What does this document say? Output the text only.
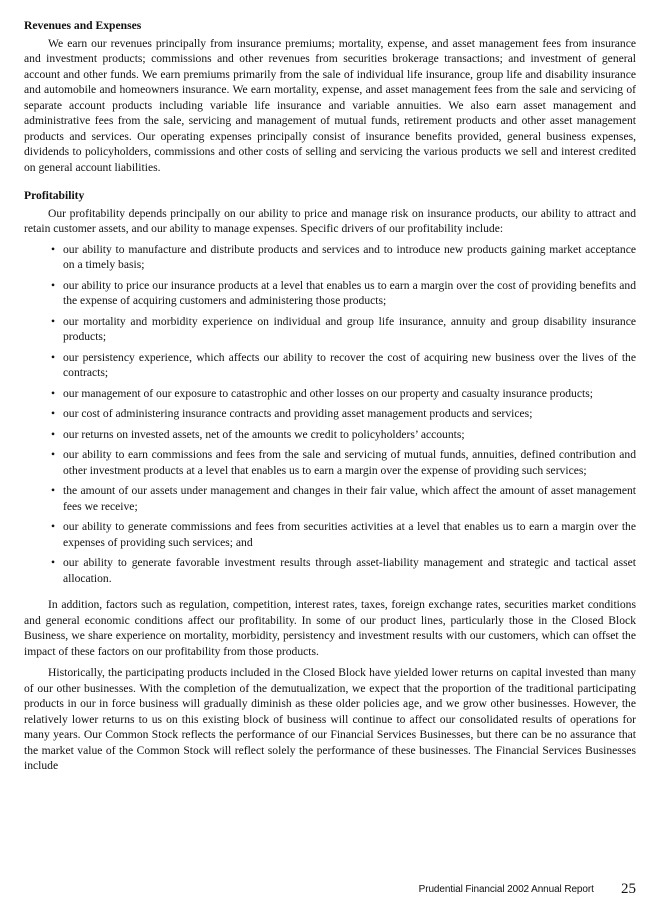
Revenues and Expenses

We earn our revenues principally from insurance premiums; mortality, expense, and asset management fees from insurance and investment products; commissions and other revenues from securities brokerage transactions; and investment of general account and other funds. We earn premiums primarily from the sale of individual life insurance, group life and disability insurance and automobile and homeowners insurance. We earn mortality, expense, and asset management fees from the sale and servicing of separate account products including variable life insurance and variable annuities. We also earn asset management and administrative fees from the sale, servicing and management of mutual funds, retirement products and other asset management products and services. Our operating expenses principally consist of insurance benefits provided, general business expenses, dividends to policyholders, commissions and other costs of selling and servicing the various products we sell and interest credited on general account liabilities.

Profitability

Our profitability depends principally on our ability to price and manage risk on insurance products, our ability to attract and retain customer assets, and our ability to manage expenses. Specific drivers of our profitability include:

• our ability to manufacture and distribute products and services and to introduce new products gaining market acceptance on a timely basis;
• our ability to price our insurance products at a level that enables us to earn a margin over the cost of providing benefits and the expense of acquiring customers and administering those products;
• our mortality and morbidity experience on individual and group life insurance, annuity and group disability insurance products;
• our persistency experience, which affects our ability to recover the cost of acquiring new business over the lives of the contracts;
• our management of our exposure to catastrophic and other losses on our property and casualty insurance products;
• our cost of administering insurance contracts and providing asset management products and services;
• our returns on invested assets, net of the amounts we credit to policyholders’ accounts;
• our ability to earn commissions and fees from the sale and servicing of mutual funds, annuities, defined contribution and other investment products at a level that enables us to earn a margin over the expense of providing such services;
• the amount of our assets under management and changes in their fair value, which affect the amount of asset management fees we receive;
• our ability to generate commissions and fees from securities activities at a level that enables us to earn a margin over the expenses of providing such services; and
• our ability to generate favorable investment results through asset-liability management and strategic and tactical asset allocation.

In addition, factors such as regulation, competition, interest rates, taxes, foreign exchange rates, securities market conditions and general economic conditions affect our profitability. In some of our product lines, particularly those in the Closed Block Business, we share experience on mortality, morbidity, persistency and investment results with our customers, which can offset the impact of these factors on our profitability from those products.

Historically, the participating products included in the Closed Block have yielded lower returns on capital invested than many of our other businesses. With the completion of the demutualization, we expect that the proportion of the traditional participating products in our in force business will gradually diminish as these older policies age, and we grow other businesses. However, the relatively lower returns to us on this existing block of business will continue to affect our consolidated results of operations for many years. Our Common Stock reflects the performance of our Financial Services Businesses, but there can be no assurance that the market value of the Common Stock will reflect solely the performance of these businesses. The Financial Services Businesses include

Prudential Financial 2002 Annual Report 25
